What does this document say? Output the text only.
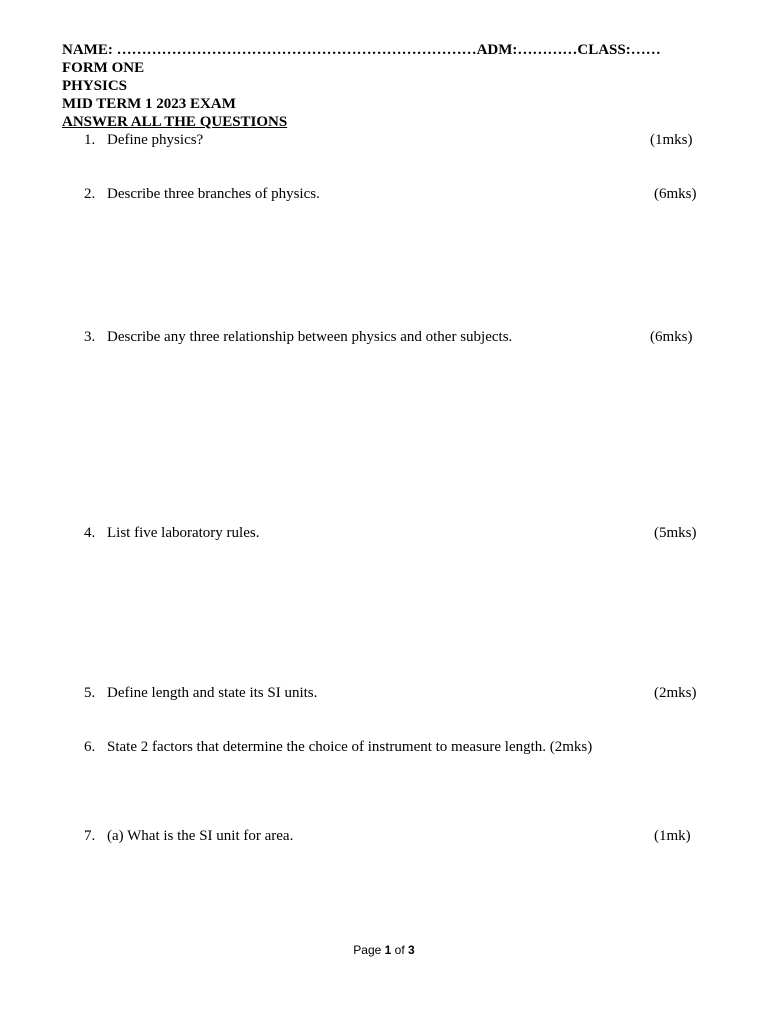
NAME: ………………………………………………………………ADM:…………CLASS:……
FORM ONE
PHYSICS
MID TERM 1 2023 EXAM
ANSWER ALL THE QUESTIONS
1. Define physics?	(1mks)
2. Describe three branches of physics.	(6mks)
3. Describe any three relationship between physics and other subjects.	(6mks)
4. List five laboratory rules.	(5mks)
5. Define length and state its SI units.	(2mks)
6. State 2 factors that determine the choice of instrument to measure length. (2mks)
7. (a) What is the SI unit for area.	(1mk)
Page 1 of 3
